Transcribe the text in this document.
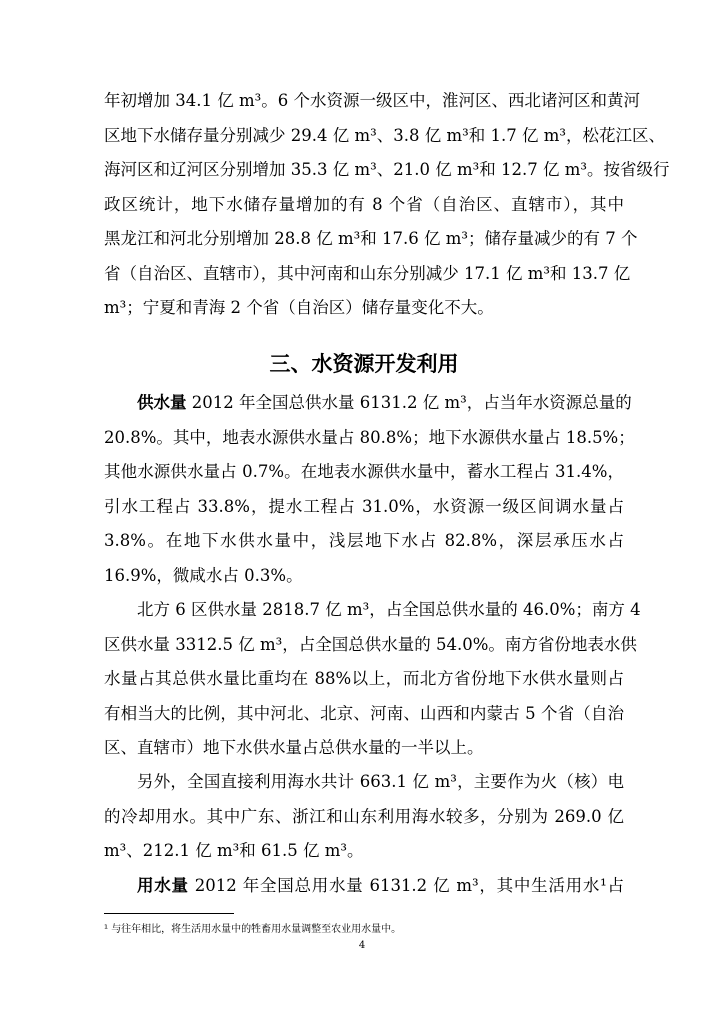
年初增加 34.1 亿 m³。6 个水资源一级区中，淮河区、西北诸河区和黄河
区地下水储存量分别减少 29.4 亿 m³、3.8 亿 m³和 1.7 亿 m³，松花江区、
海河区和辽河区分别增加 35.3 亿 m³、21.0 亿 m³和 12.7 亿 m³。按省级行
政区统计，地下水储存量增加的有 8 个省（自治区、直辖市），其中
黑龙江和河北分别增加 28.8 亿 m³和 17.6 亿 m³；储存量减少的有 7 个
省（自治区、直辖市），其中河南和山东分别减少 17.1 亿 m³和 13.7 亿
m³；宁夏和青海 2 个省（自治区）储存量变化不大。

三、水资源开发利用

供水量 2012 年全国总供水量 6131.2 亿 m³，占当年水资源总量的
20.8%。其中，地表水源供水量占 80.8%；地下水源供水量占 18.5%；
其他水源供水量占 0.7%。在地表水源供水量中，蓄水工程占 31.4%，
引水工程占 33.8%，提水工程占 31.0%，水资源一级区间调水量占
3.8%。在地下水供水量中，浅层地下水占 82.8%，深层承压水占
16.9%，微咸水占 0.3%。

北方 6 区供水量 2818.7 亿 m³，占全国总供水量的 46.0%；南方 4
区供水量 3312.5 亿 m³，占全国总供水量的 54.0%。南方省份地表水供
水量占其总供水量比重均在 88%以上，而北方省份地下水供水量则占
有相当大的比例，其中河北、北京、河南、山西和内蒙古 5 个省（自治
区、直辖市）地下水供水量占总供水量的一半以上。

另外，全国直接利用海水共计 663.1 亿 m³，主要作为火（核）电
的冷却用水。其中广东、浙江和山东利用海水较多，分别为 269.0 亿
m³、212.1 亿 m³和 61.5 亿 m³。

用水量 2012 年全国总用水量 6131.2 亿 m³，其中生活用水¹占

¹ 与往年相比，将生活用水量中的牲畜用水量调整至农业用水量中。

4
